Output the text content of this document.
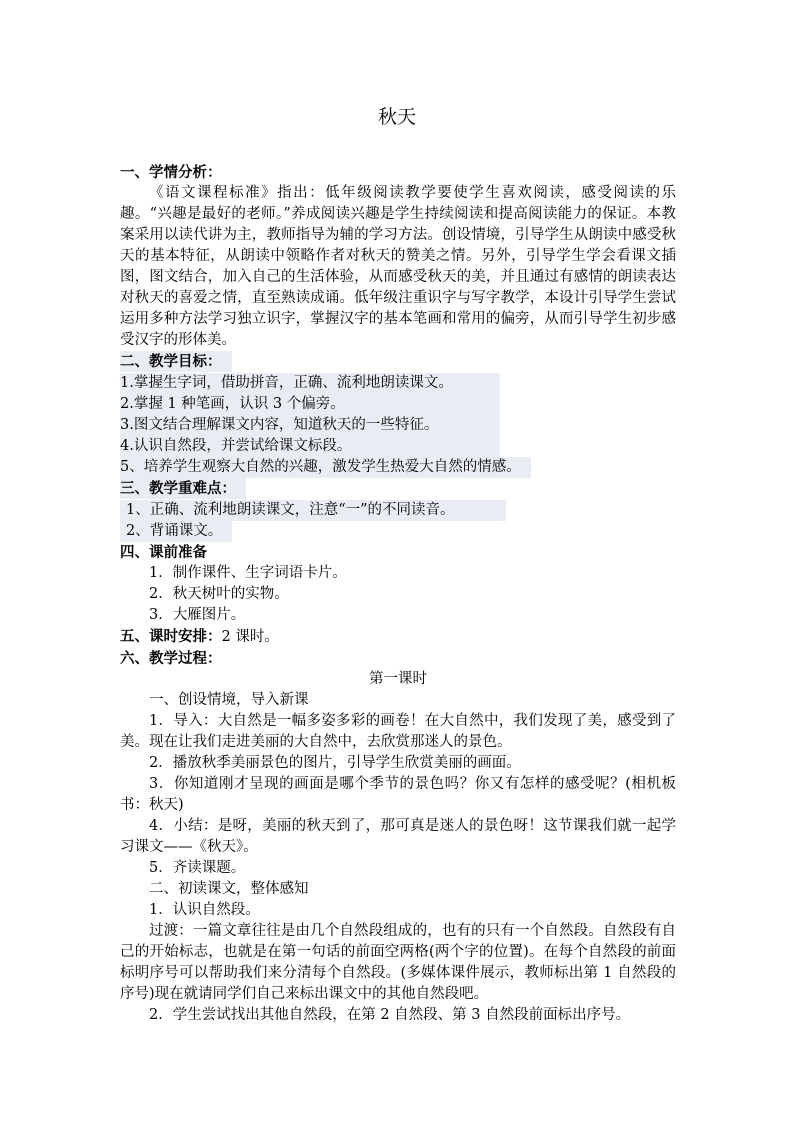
秋天

一、学情分析：

《语文课程标准》指出：低年级阅读教学要使学生喜欢阅读，感受阅读的乐趣。“兴趣是最好的老师。”养成阅读兴趣是学生持续阅读和提高阅读能力的保证。本教案采用以读代讲为主，教师指导为辅的学习方法。创设情境，引导学生从朗读中感受秋天的基本特征，从朗读中领略作者对秋天的赞美之情。另外，引导学生学会看课文插图，图文结合，加入自己的生活体验，从而感受秋天的美，并且通过有感情的朗读表达对秋天的喜爱之情，直至熟读成诵。低年级注重识字与写字教学，本设计引导学生尝试运用多种方法学习独立识字，掌握汉字的基本笔画和常用的偏旁，从而引导学生初步感受汉字的形体美。

二、教学目标：

1.掌握生字词，借助拼音，正确、流利地朗读课文。

2.掌握 1 种笔画，认识 3 个偏旁。

3.图文结合理解课文内容，知道秋天的一些特征。

4.认识自然段，并尝试给课文标段。

5、培养学生观察大自然的兴趣，激发学生热爱大自然的情感。

三、教学重难点：

1、正确、流利地朗读课文，注意“一”的不同读音。

2、背诵课文。

四、课前准备

1．制作课件、生字词语卡片。

2．秋天树叶的实物。

3．大雁图片。

五、课时安排：2 课时。

六、教学过程：

第一课时

一、创设情境，导入新课

1．导入：大自然是一幅多姿多彩的画卷！在大自然中，我们发现了美，感受到了美。现在让我们走进美丽的大自然中，去欣赏那迷人的景色。

2．播放秋季美丽景色的图片，引导学生欣赏美丽的画面。

3．你知道刚才呈现的画面是哪个季节的景色吗？你又有怎样的感受呢？(相机板书：秋天)

4．小结：是呀，美丽的秋天到了，那可真是迷人的景色呀！这节课我们就一起学习课文——《秋天》。

5．齐读课题。

二、初读课文，整体感知

1．认识自然段。

过渡：一篇文章往往是由几个自然段组成的，也有的只有一个自然段。自然段有自己的开始标志，也就是在第一句话的前面空两格(两个字的位置)。在每个自然段的前面标明序号可以帮助我们来分清每个自然段。(多媒体课件展示，教师标出第 1 自然段的序号)现在就请同学们自己来标出课文中的其他自然段吧。

2．学生尝试找出其他自然段，在第 2 自然段、第 3 自然段前面标出序号。
